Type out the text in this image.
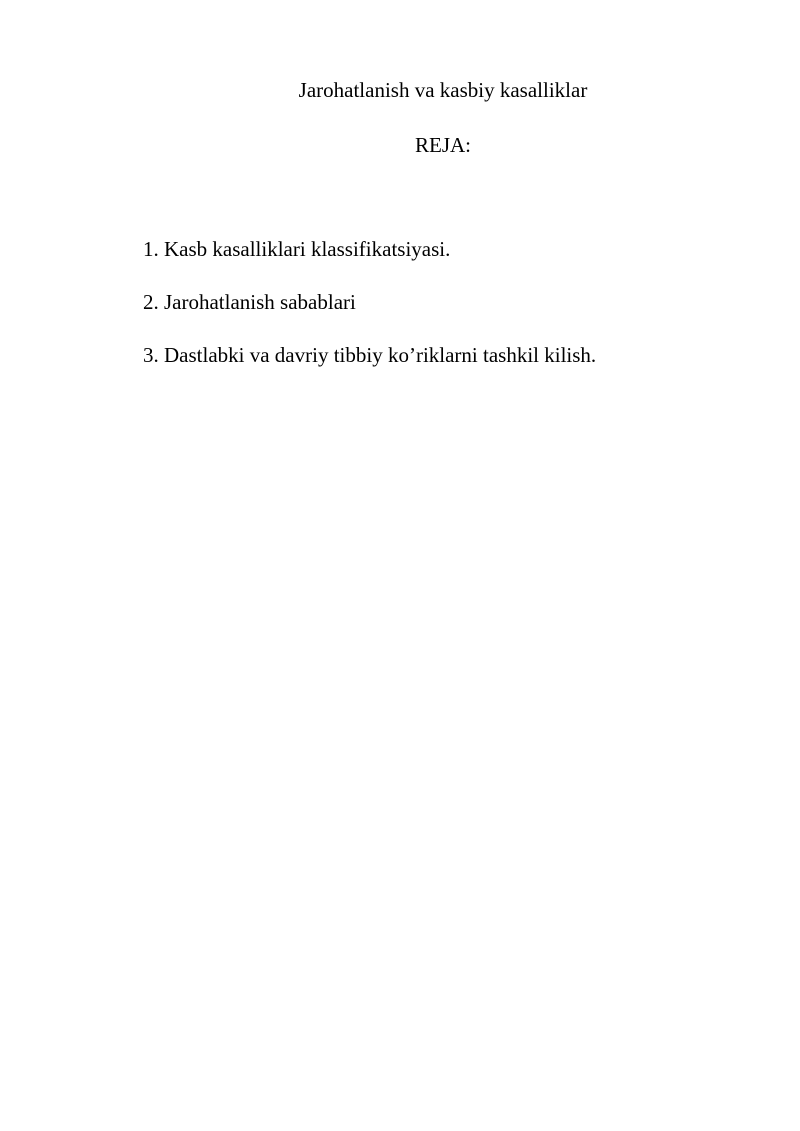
Jarohatlanish va kasbiy kasalliklar
REJA:
1. Kasb kasalliklari klassifikatsiyasi.
2. Jarohatlanish sabablari
3. Dastlabki va davriy tibbiy ko’riklarni tashkil kilish.
